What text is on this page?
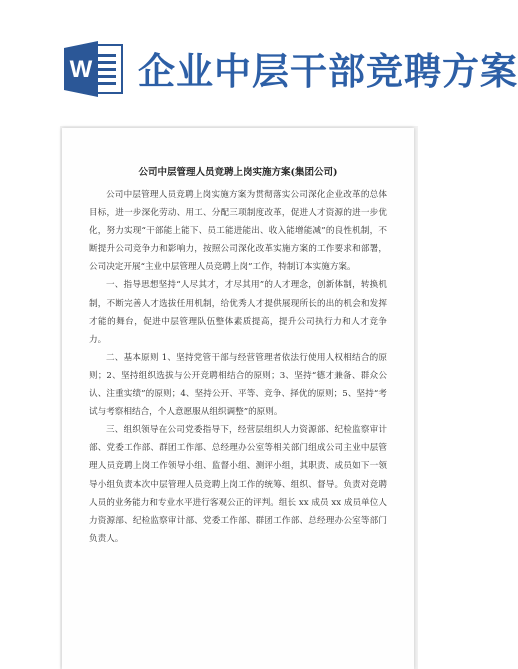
W 企业中层干部竞聘方案
公司中层管理人员竞聘上岗实施方案(集团公司)

公司中层管理人员竞聘上岗实施方案为贯彻落实公司深化企业改革的总体目标，进一步深化劳动、用工、分配三项制度改革，促进人才资源的进一步优化，努力实现“干部能上能下、员工能进能出、收入能增能减”的良性机制，不断提升公司竞争力和影响力，按照公司深化改革实施方案的工作要求和部署，公司决定开展“主业中层管理人员竞聘上岗”工作，特制订本实施方案。

一、指导思想坚持“人尽其才，才尽其用”的人才理念，创新体制，转换机制，不断完善人才选拔任用机制，给优秀人才提供展现所长的出的机会和发挥才能的舞台，促进中层管理队伍整体素质提高，提升公司执行力和人才竞争力。

二、基本原则 1、坚持党管干部与经营管理者依法行使用人权相结合的原则；2、坚持组织选拔与公开竞聘相结合的原则；3、坚持“德才兼备、群众公认、注重实绩”的原则；4、坚持公开、平等、竞争、择优的原则；5、坚持“考试与考察相结合，个人意愿服从组织调整”的原则。

三、组织领导在公司党委指导下，经营层组织人力资源部、纪检监察审计部、党委工作部、群团工作部、总经理办公室等相关部门组成公司主业中层管理人员竞聘上岗工作领导小组、监督小组、测评小组，其职责、成员如下一领导小组负责本次中层管理人员竞聘上岗工作的统筹、组织、督导。负责对竞聘人员的业务能力和专业水平进行客观公正的评判。组长 xx 成员 xx 成员单位人力资源部、纪检监察审计部、党委工作部、群团工作部、总经理办公室等部门负责人。
